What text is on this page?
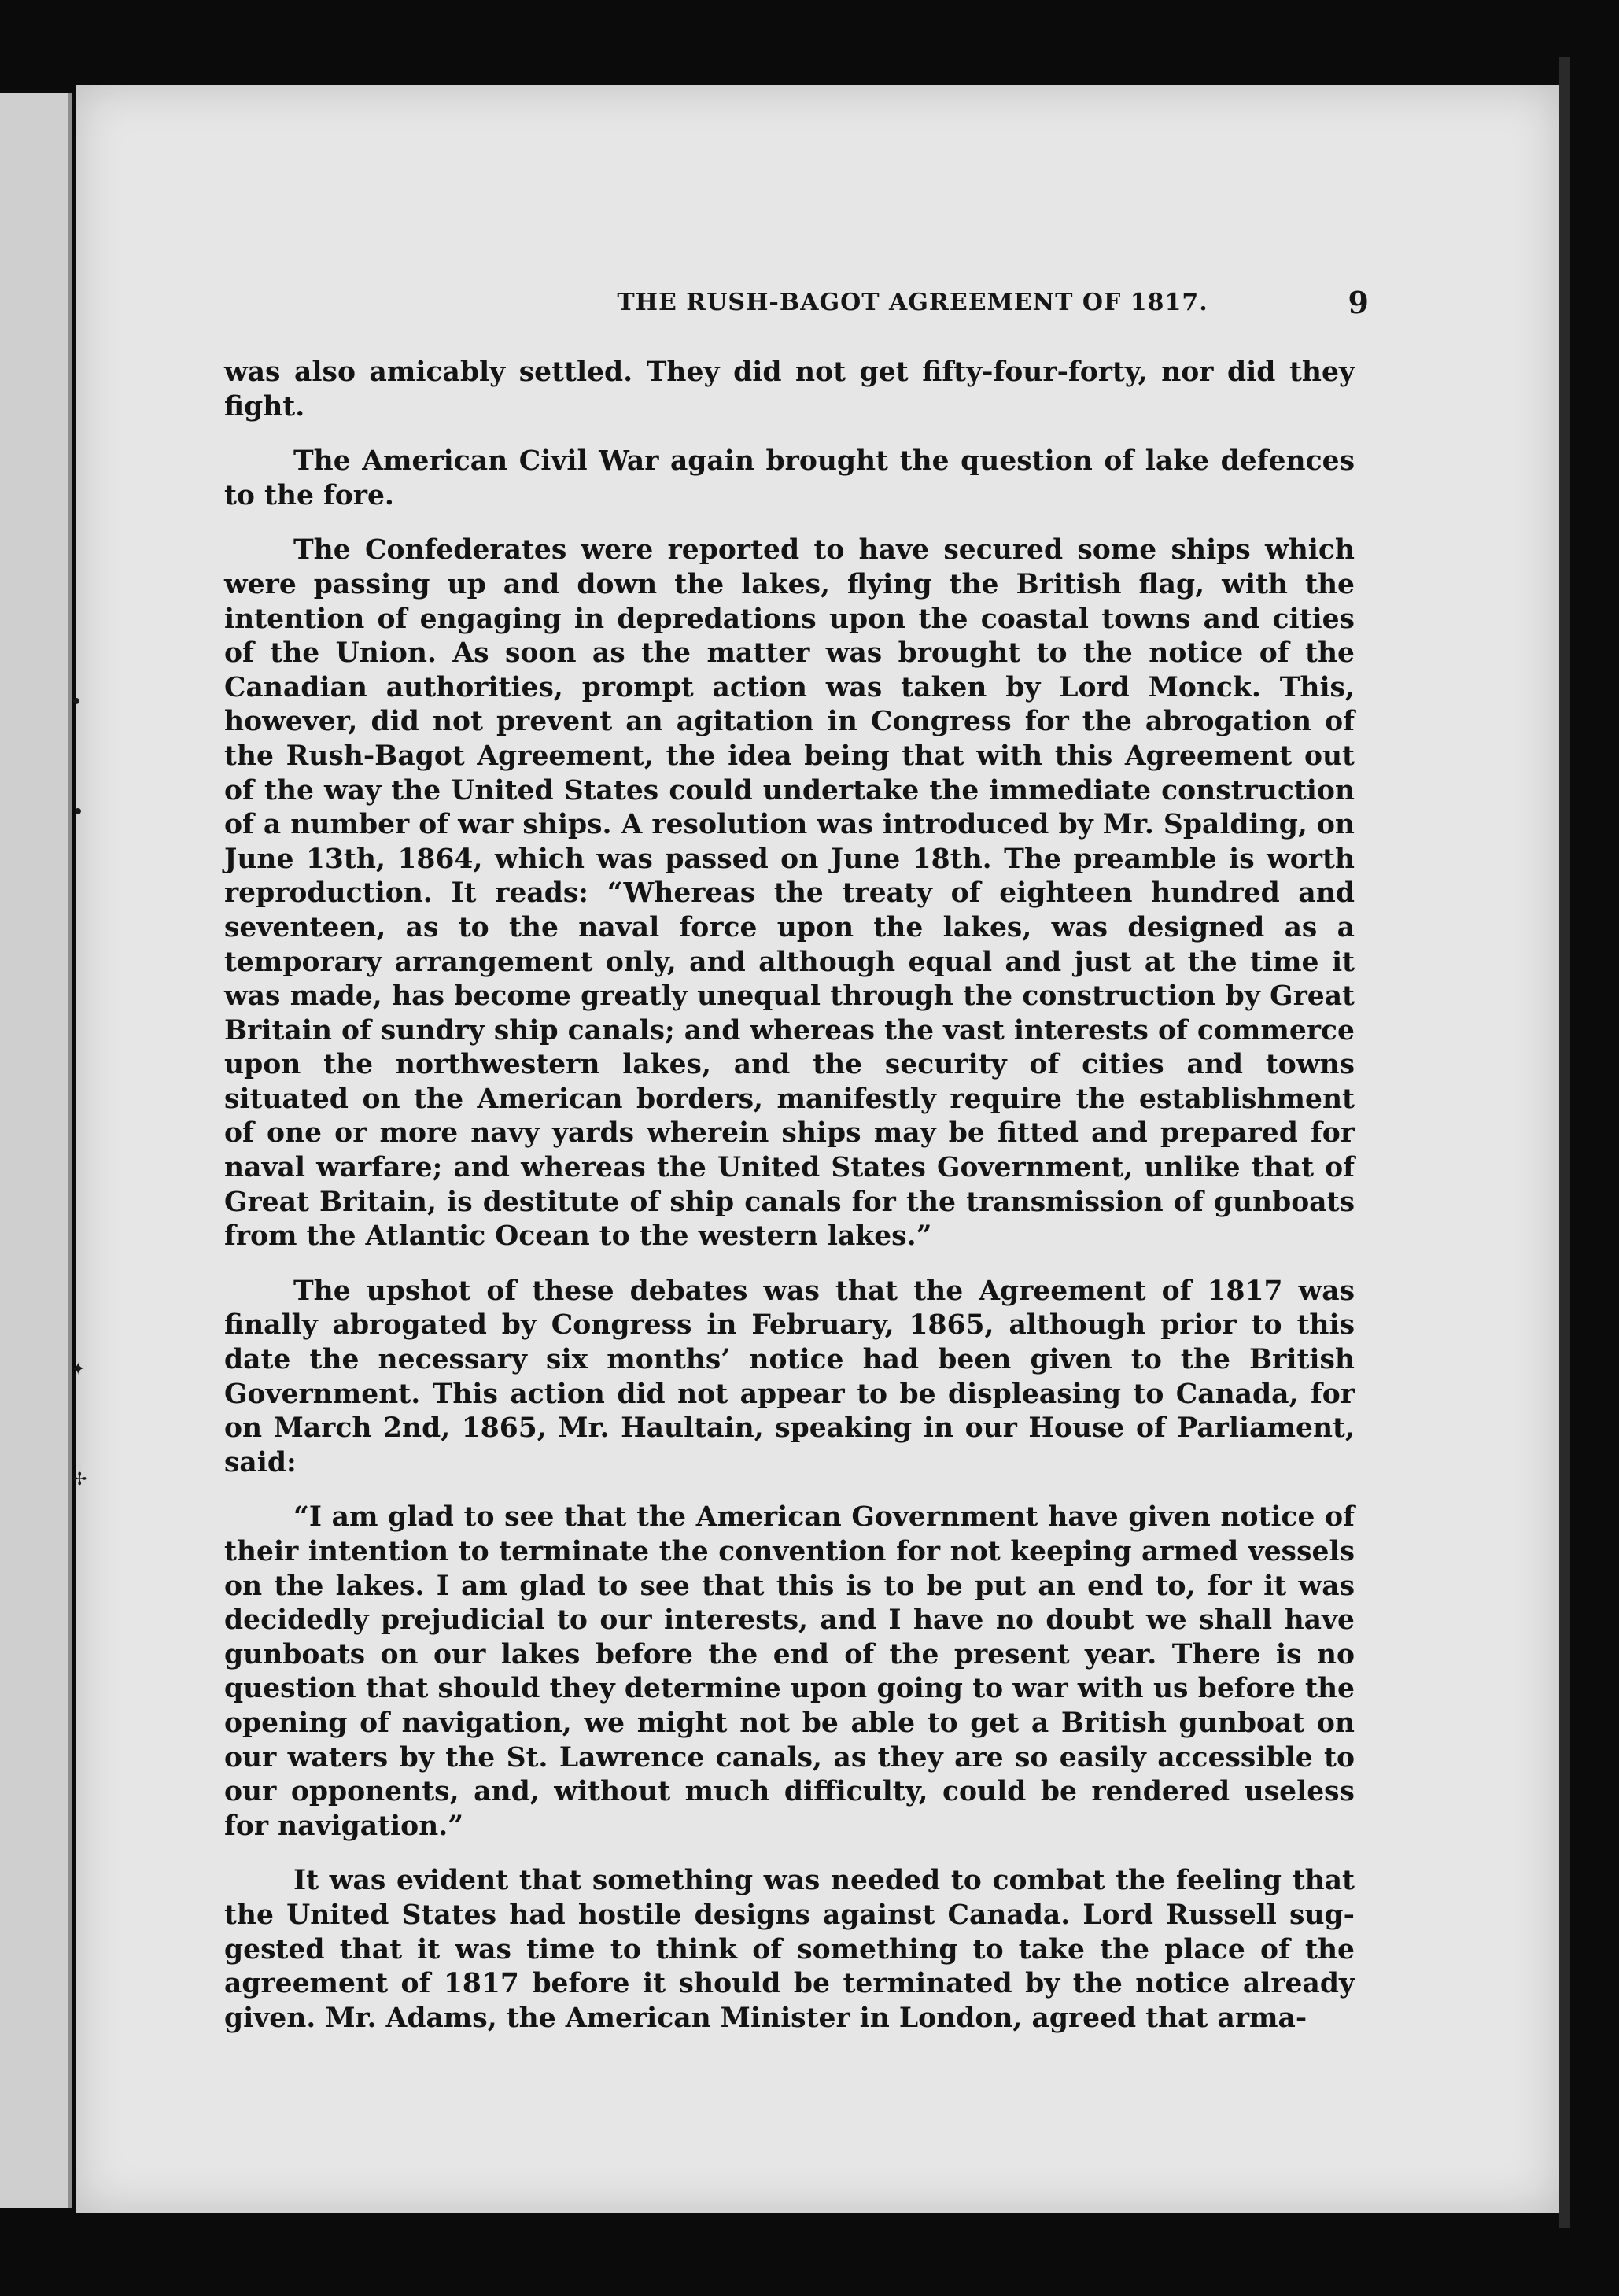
THE RUSH-BAGOT AGREEMENT OF 1817.	9
•
•
✦
✢

was also amicably settled. They did not get fifty-four-forty, nor did they fight.

The American Civil War again brought the question of lake defences to the fore.

The Confederates were reported to have secured some ships which were passing up and down the lakes, flying the British flag, with the intention of engaging in depredations upon the coastal towns and cities of the Union. As soon as the matter was brought to the notice of the Canadian authorities, prompt action was taken by Lord Monck. This, however, did not prevent an agitation in Congress for the abrogation of the Rush-Bagot Agreement, the idea being that with this Agreement out of the way the United States could undertake the immediate construction of a number of war ships. A resolution was introduced by Mr. Spalding, on June 13th, 1864, which was passed on June 18th. The preamble is worth reproduction. It reads: “Whereas the treaty of eighteen hundred and seventeen, as to the naval force upon the lakes, was designed as a temporary arrangement only, and although equal and just at the time it was made, has become greatly unequal through the construction by Great Britain of sundry ship canals; and whereas the vast interests of commerce upon the northwestern lakes, and the security of cities and towns situated on the American borders, manifestly require the establishment of one or more navy yards wherein ships may be fitted and prepared for naval warfare; and whereas the United States Government, unlike that of Great Britain, is destitute of ship canals for the transmission of gunboats from the Atlantic Ocean to the western lakes.”

The upshot of these debates was that the Agreement of 1817 was finally abrogated by Congress in February, 1865, although prior to this date the necessary six months’ notice had been given to the British Government. This action did not appear to be displeasing to Canada, for on March 2nd, 1865, Mr. Haultain, speaking in our House of Parliament, said:

“I am glad to see that the American Government have given notice of their intention to terminate the convention for not keeping armed vessels on the lakes. I am glad to see that this is to be put an end to, for it was decidedly prejudicial to our interests, and I have no doubt we shall have gunboats on our lakes before the end of the present year. There is no question that should they determine upon going to war with us before the opening of navigation, we might not be able to get a British gunboat on our waters by the St. Lawrence canals, as they are so easily accessible to our opponents, and, without much difficulty, could be rendered useless for navigation.”

It was evident that something was needed to combat the feeling that the United States had hostile designs against Canada. Lord Russell suggested that it was time to think of something to take the place of the agreement of 1817 before it should be terminated by the notice already given. Mr. Adams, the American Minister in London, agreed that arma-
